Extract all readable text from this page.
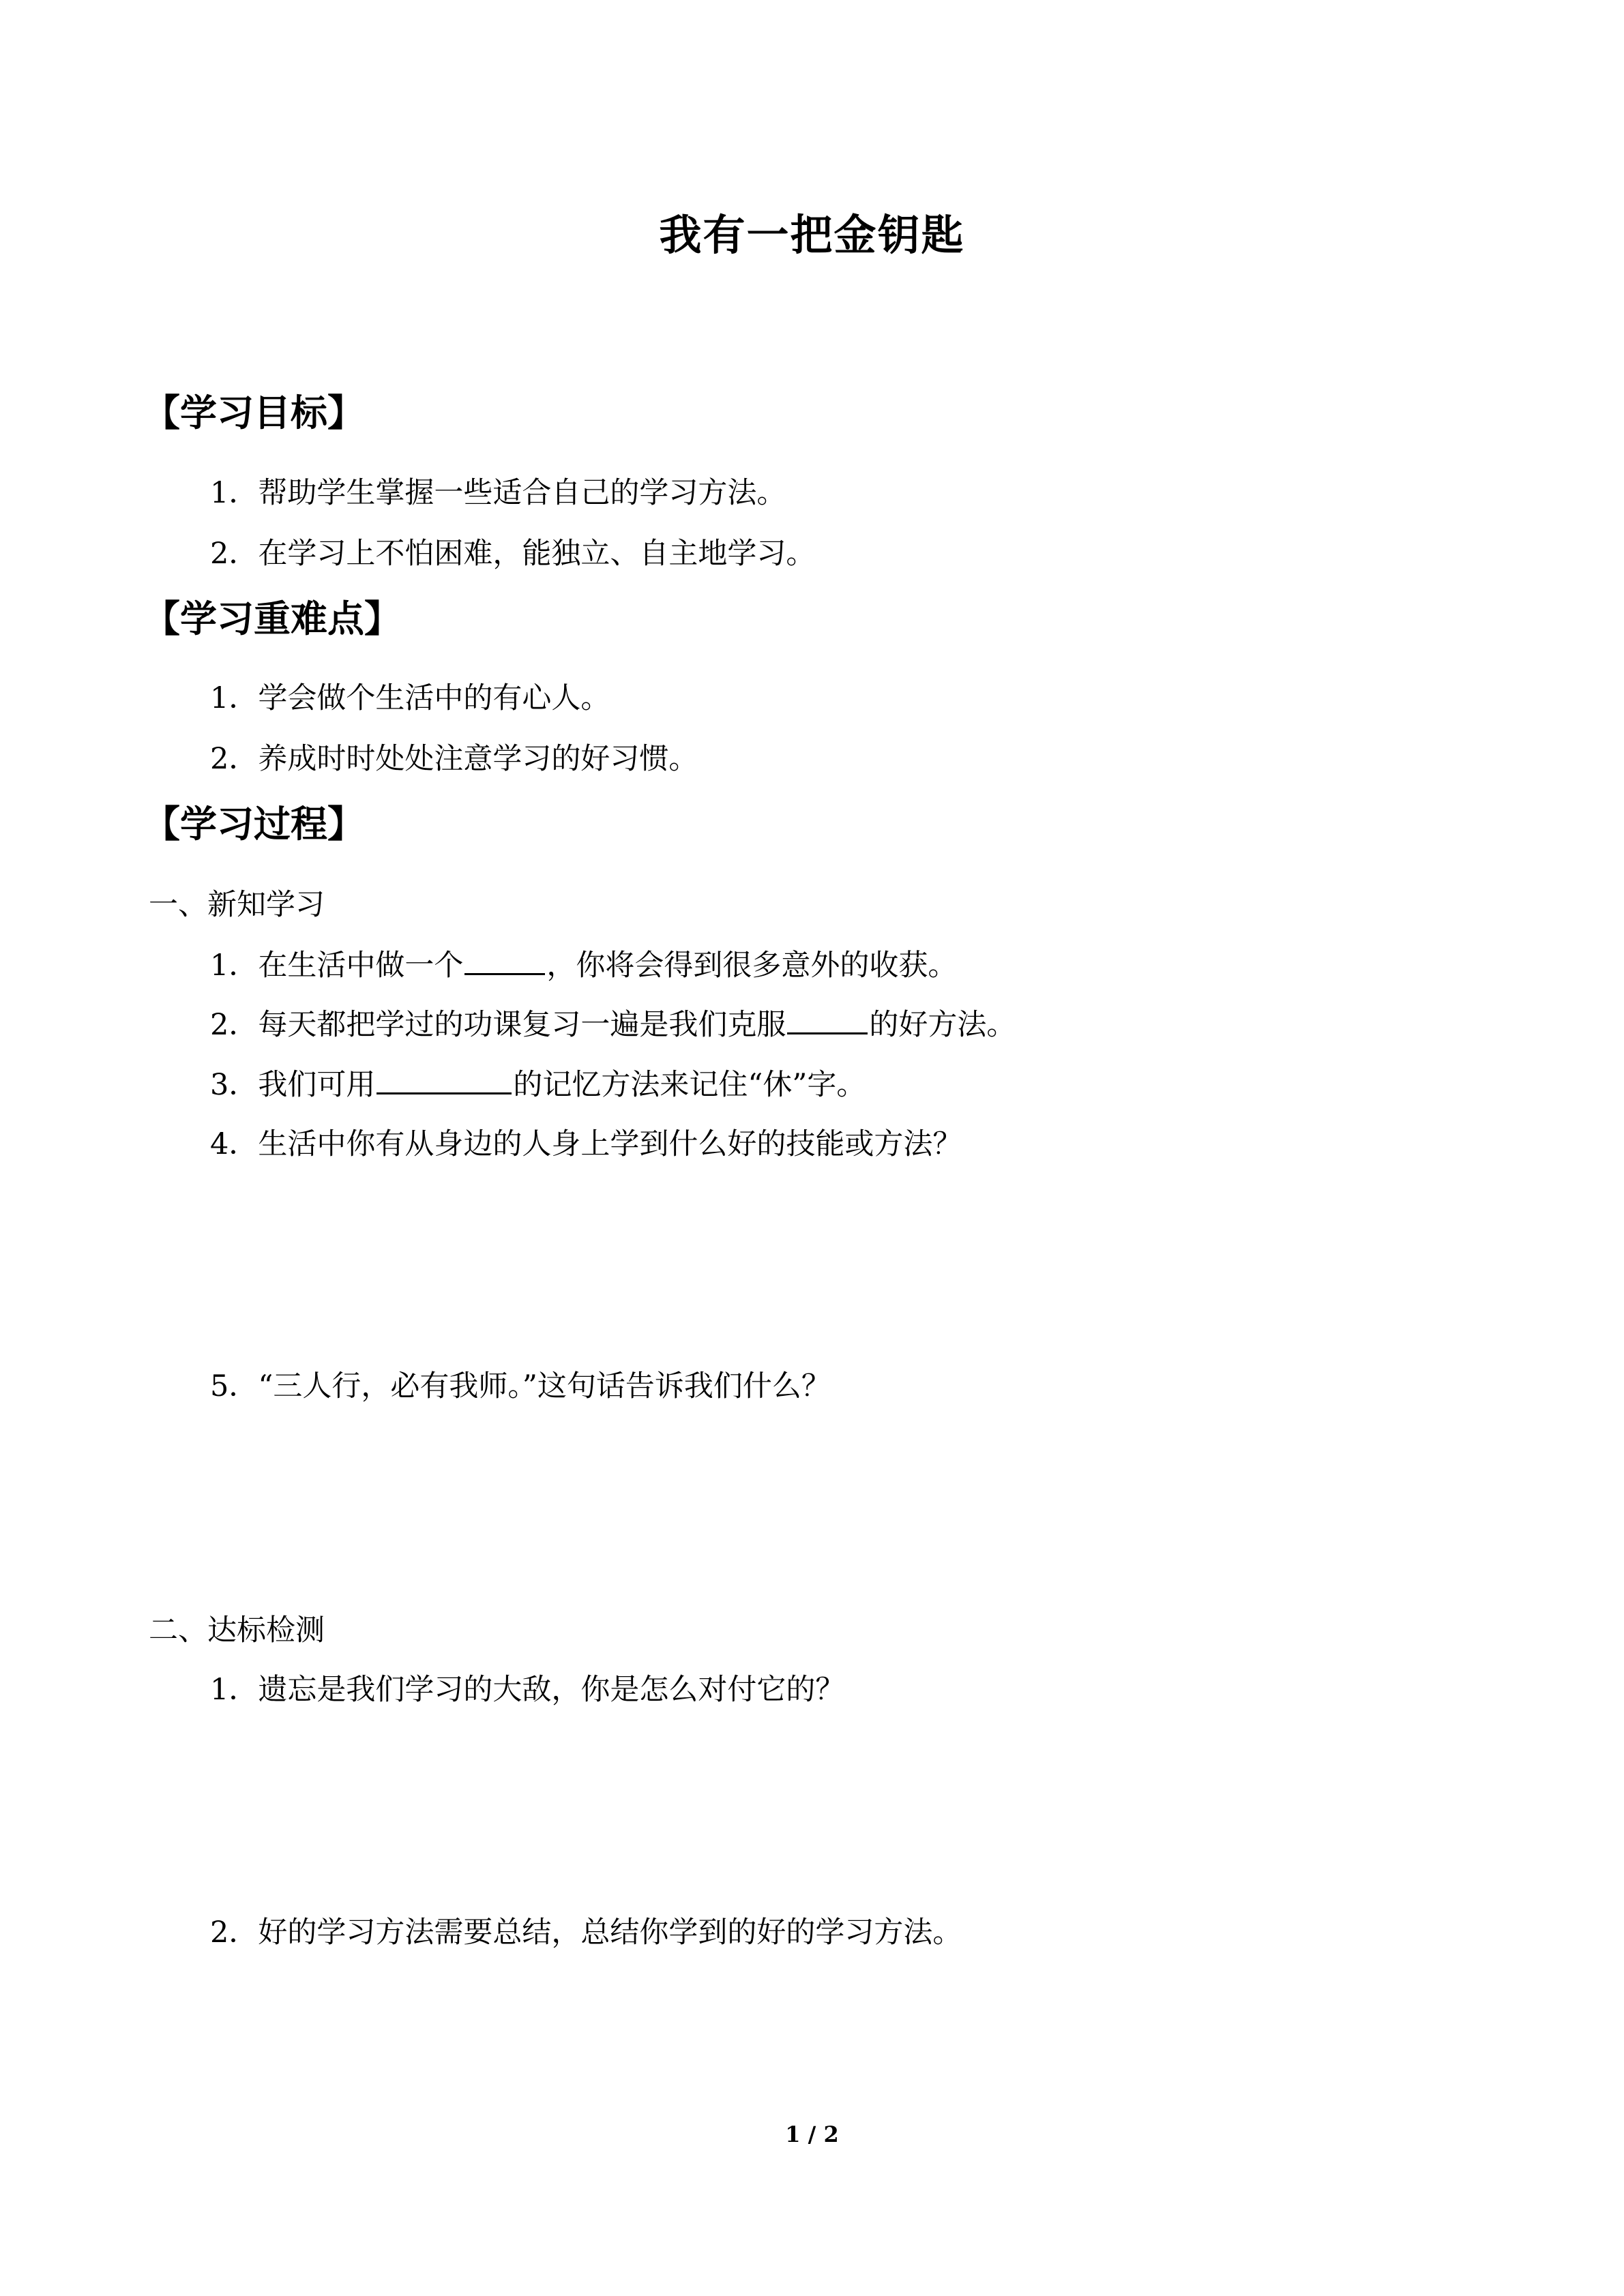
我有一把金钥匙
【学习目标】
1．帮助学生掌握一些适合自己的学习方法。
2．在学习上不怕困难，能独立、自主地学习。
【学习重难点】
1．学会做个生活中的有心人。
2．养成时时处处注意学习的好习惯。
【学习过程】
一、新知学习
1．在生活中做一个	，你将会得到很多意外的收获。
2．每天都把学过的功课复习一遍是我们克服	的好方法。
3．我们可用	的记忆方法来记住“休”字。
4．生活中你有从身边的人身上学到什么好的技能或方法？
5．“三人行，必有我师。”这句话告诉我们什么？
二、达标检测
1．遗忘是我们学习的大敌，你是怎么对付它的？
2．好的学习方法需要总结，总结你学到的好的学习方法。
1 / 2
